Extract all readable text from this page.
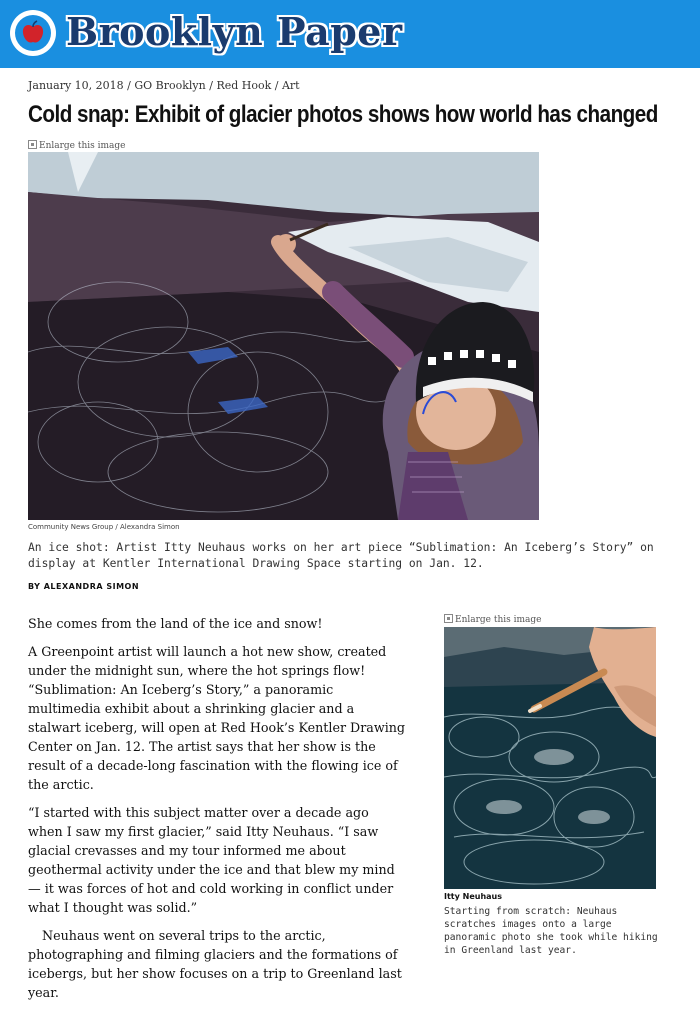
Brooklyn Paper
January 10, 2018 / GO Brooklyn / Red Hook / Art
Cold snap: Exhibit of glacier photos shows how world has changed
Enlarge this image
Community News Group / Alexandra Simon
An ice shot: Artist Itty Neuhaus works on her art piece “Sublimation: An Iceberg’s Story” on display at Kentler International Drawing Space starting on Jan. 12.
BY ALEXANDRA SIMON

She comes from the land of the ice and snow!

A Greenpoint artist will launch a hot new show, created under the midnight sun, where the hot springs flow! “Sublimation: An Iceberg’s Story,” a panoramic multimedia exhibit about a shrinking glacier and a stalwart iceberg, will open at Red Hook’s Kentler Drawing Center on Jan. 12. The artist says that her show is the result of a decade-long fascination with the flowing ice of the arctic.

“I started with this subject matter over a decade ago when I saw my first glacier,” said Itty Neuhaus. “I saw glacial crevasses and my tour informed me about geothermal activity under the ice and that blew my mind — it was forces of hot and cold working in conflict under what I thought was solid.”

Neuhaus went on several trips to the arctic, photographing and filming glaciers and the formations of icebergs, but her show focuses on a trip to Greenland last year.

Enlarge this image
Itty Neuhaus
Starting from scratch: Neuhaus scratches images onto a large panoramic photo she took while hiking in Greenland last year.
